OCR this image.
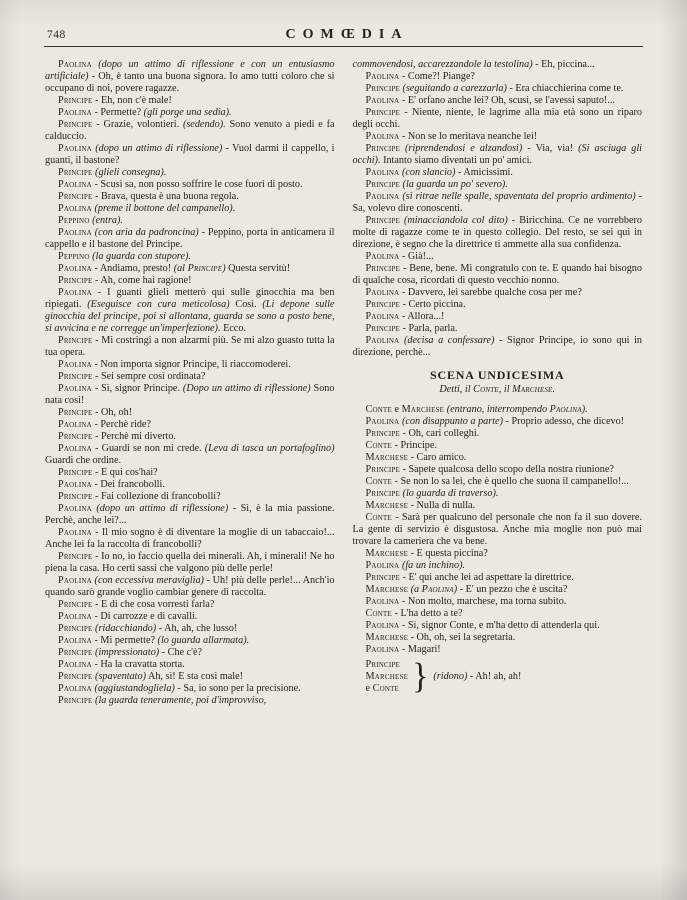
748	COMŒDIA

Paolina (dopo un attimo di riflessione e con un entusiasmo artificiale) - Oh, è tanto una buona signora. Io amo tutti coloro che si occupano di noi, povere ragazze.

Principe - Eh, non c'è male!

Paolina - Permette? (gli porge una sedia).

Principe - Grazie, volontieri. (sedendo). Sono venuto a piedi e fa calduccio.

Paolina (dopo un attimo di riflessione) - Vuol darmi il cappello, i guanti, il bastone?

Principe (glieli consegna).

Paolina - Scusi sa, non posso soffrire le cose fuori di posto.

Principe - Brava, questa è una buona regola.

Paolina (preme il bottone del campanello).

Peppino (entra).

Paolina (con aria da padroncina) - Peppino, porta in anticamera il cappello e il bastone del Principe.

Peppino (la guarda con stupore).

Paolina - Andiamo, presto! (al Principe) Questa servitù!

Principe - Ah, come hai ragione!

Paolina - I guanti glieli metterò qui sulle ginocchia ma ben ripiegati. (Eseguisce con cura meticolosa) Così. (Li depone sulle ginocchia del principe, poi si allontana, guarda se sono a posto bene, si avvicina e ne corregge un'imperfezione). Ecco.

Principe - Mi costringi a non alzarmi più. Se mi alzo guasto tutta la tua opera.

Paolina - Non importa signor Principe, li riaccomoderei.

Principe - Sei sempre così ordinata?

Paolina - Sì, signor Principe. (Dopo un attimo di riflessione) Sono nata così!

Principe - Oh, oh!

Paolina - Perchè ride?

Principe - Perchè mi diverto.

Paolina - Guardi se non mi crede. (Leva di tasca un portafoglino) Guardi che ordine.

Principe - E qui cos'hai?

Paolina - Dei francobolli.

Principe - Fai collezione di francobolli?

Paolina (dopo un attimo di riflessione) - Sì, è la mia passione. Perchè, anche lei?...

Paolina - Il mio sogno è di diventare la moglie di un tabaccaio!... Anche lei fa la raccolta di francobolli?

Principe - Io no, io faccio quella dei minerali. Ah, i minerali! Ne ho piena la casa. Ho certi sassi che valgono più delle perle!

Paolina (con eccessiva meraviglia) - Uh! più delle perle!... Anch'io quando sarò grande voglio cambiar genere di raccolta.

Principe - E di che cosa vorresti farla?

Paolina - Di carrozze e di cavalli.

Principe (ridacchiando) - Ah, ah, che lusso!

Paolina - Mi permette? (lo guarda allarmata).

Principe (impressionato) - Che c'è?

Paolina - Ha la cravatta storta.

Principe (spaventato) Ah, sì! E sta così male!

Paolina (aggiustandogliela) - Sa, io sono per la precisione.

Principe (la guarda teneramente, poi d'improvviso,

commovendosi, accarezzandole la testolina) - Eh, piccina...

Paolina - Come?! Piange?

Principe (seguitando a carezzarla) - Era chiacchierina come te.

Paolina - E' orfano anche lei? Oh, scusi, se l'avessi saputo!...

Principe - Niente, niente, le lagrime alla mia età sono un riparo degli occhi.

Paolina - Non se lo meritava neanche lei!

Principe (riprendendosi e alzandosi) - Via, via! (Si asciuga gli occhi). Intanto siamo diventati un po' amici.

Paolina (con slancio) - Amicissimi.

Principe (la guarda un po' severo).

Paolina (si ritrae nelle spalle, spaventata del proprio ardimento) - Sa, volevo dire conoscenti.

Principe (minacciandola col dito) - Biricchina. Ce ne vorrebbero molte di ragazze come te in questo collegio. Del resto, se sei qui in direzione, è segno che la direttrice ti ammette alla sua confidenza.

Paolina - Già!...

Principe - Bene, bene. Mi congratulo con te. E quando hai bisogno di qualche cosa, ricordati di questo vecchio nonno.

Paolina - Davvero, lei sarebbe qualche cosa per me?

Principe - Certo piccina.

Paolina - Allora...!

Principe - Parla, parla.

Paolina (decisa a confessare) - Signor Principe, io sono qui in direzione, perchè...

SCENA UNDICESIMA
Detti, il Conte, il Marchese.

Conte e Marchese (entrano, interrompendo Paolina).

Paolina (con disappunto a parte) - Proprio adesso, che dicevo!

Principe - Oh, cari colleghi.

Conte - Principe.

Marchese - Caro amico.

Principe - Sapete qualcosa dello scopo della nostra riunione?

Conte - Se non lo sa lei, che è quello che suona il campanello!...

Principe (lo guarda di traverso).

Marchese - Nulla di nulla.

Conte - Sarà per qualcuno del personale che non fa il suo dovere. La gente di servizio è disgustosa. Anche mia moglie non può mai trovare la cameriera che va bene.

Marchese - E questa piccina?

Paolina (fa un inchino).

Principe - E' qui anche lei ad aspettare la direttrice.

Marchese (a Paolina) - E' un pezzo che è uscita?

Paolina - Non molto, marchese, ma torna subito.

Conte - L'ha detto a te?

Paolina - Sì, signor Conte, e m'ha detto di attenderla qui.

Marchese - Oh, oh, sei la segretaria.

Paolina - Magari!

Principe
Marchese
e Conte } (ridono) - Ah! ah, ah!
